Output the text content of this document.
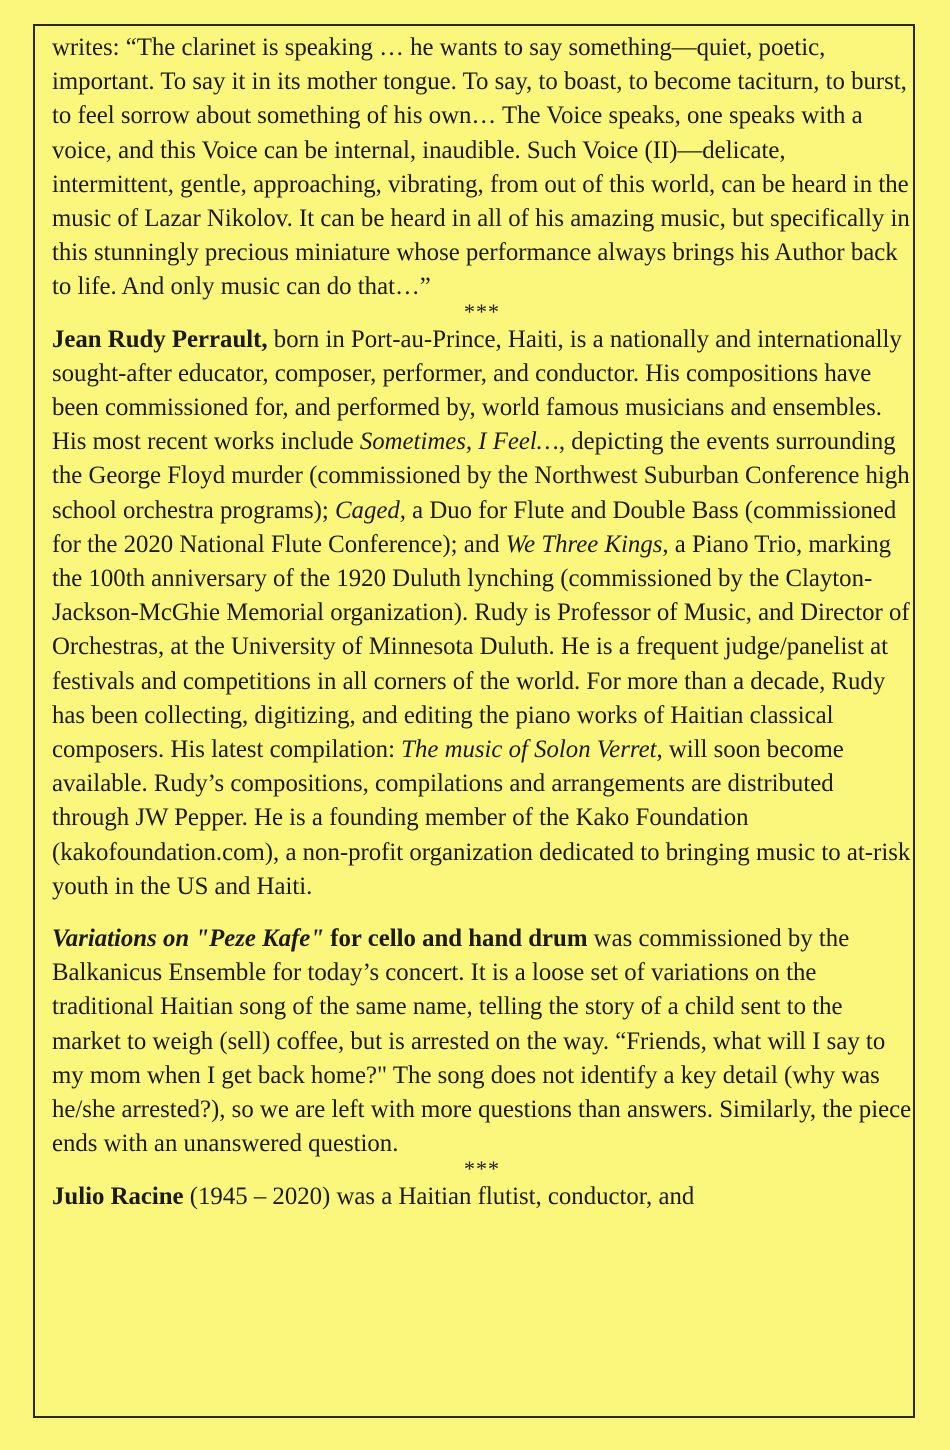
writes: “The clarinet is speaking … he wants to say something—quiet, poetic, important. To say it in its mother tongue. To say, to boast, to become taciturn, to burst, to feel sorrow about something of his own… The Voice speaks, one speaks with a voice, and this Voice can be internal, inaudible. Such Voice (II)—delicate, intermittent, gentle, approaching, vibrating, from out of this world, can be heard in the music of Lazar Nikolov. It can be heard in all of his amazing music, but specifically in this stunningly precious miniature whose performance always brings his Author back to life. And only music can do that…”

***

Jean Rudy Perrault, born in Port-au-Prince, Haiti, is a nationally and internationally sought-after educator, composer, performer, and conductor. His compositions have been commissioned for, and performed by, world famous musicians and ensembles. His most recent works include Sometimes, I Feel…, depicting the events surrounding the George Floyd murder (commissioned by the Northwest Suburban Conference high school orchestra programs); Caged, a Duo for Flute and Double Bass (commissioned for the 2020 National Flute Conference); and We Three Kings, a Piano Trio, marking the 100th anniversary of the 1920 Duluth lynching (commissioned by the Clayton-Jackson-McGhie Memorial organization). Rudy is Professor of Music, and Director of Orchestras, at the University of Minnesota Duluth. He is a frequent judge/panelist at festivals and competitions in all corners of the world. For more than a decade, Rudy has been collecting, digitizing, and editing the piano works of Haitian classical composers. His latest compilation: The music of Solon Verret, will soon become available. Rudy’s compositions, compilations and arrangements are distributed through JW Pepper. He is a founding member of the Kako Foundation (kakofoundation.com), a non-profit organization dedicated to bringing music to at-risk youth in the US and Haiti.

Variations on "Peze Kafe" for cello and hand drum was commissioned by the Balkanicus Ensemble for today’s concert. It is a loose set of variations on the traditional Haitian song of the same name, telling the story of a child sent to the market to weigh (sell) coffee, but is arrested on the way. “Friends, what will I say to my mom when I get back home?" The song does not identify a key detail (why was he/she arrested?), so we are left with more questions than answers. Similarly, the piece ends with an unanswered question.

***

Julio Racine (1945 – 2020) was a Haitian flutist, conductor, and
